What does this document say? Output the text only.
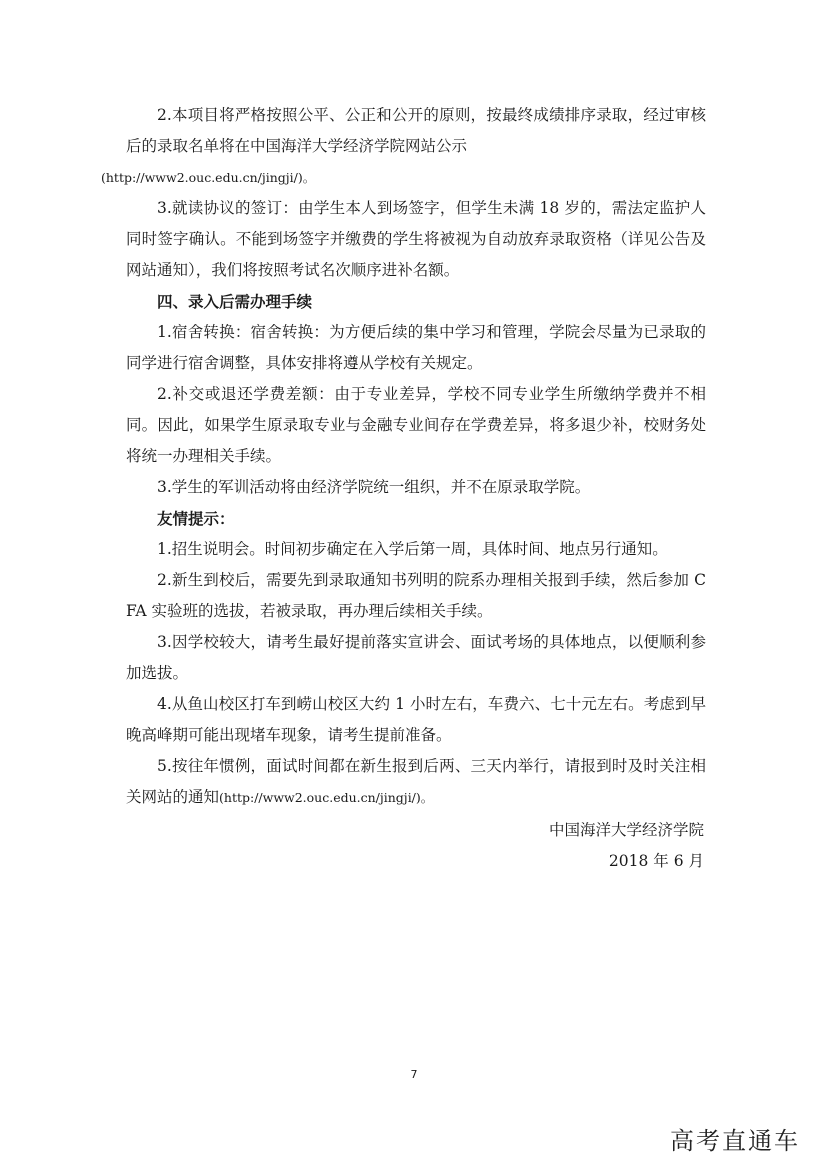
2.本项目将严格按照公平、公正和公开的原则，按最终成绩排序录取，经过审核后的录取名单将在中国海洋大学经济学院网站公示
(http://www2.ouc.edu.cn/jingji/)。

3.就读协议的签订：由学生本人到场签字，但学生未满 18 岁的，需法定监护人同时签字确认。不能到场签字并缴费的学生将被视为自动放弃录取资格（详见公告及网站通知），我们将按照考试名次顺序进补名额。

四、录入后需办理手续

1.宿舍转换：宿舍转换：为方便后续的集中学习和管理，学院会尽量为已录取的同学进行宿舍调整，具体安排将遵从学校有关规定。

2.补交或退还学费差额：由于专业差异，学校不同专业学生所缴纳学费并不相同。因此，如果学生原录取专业与金融专业间存在学费差异，将多退少补，校财务处将统一办理相关手续。

3.学生的军训活动将由经济学院统一组织，并不在原录取学院。

友情提示：

1.招生说明会。时间初步确定在入学后第一周，具体时间、地点另行通知。

2.新生到校后，需要先到录取通知书列明的院系办理相关报到手续，然后参加 CFA 实验班的选拔，若被录取，再办理后续相关手续。

3.因学校较大，请考生最好提前落实宣讲会、面试考场的具体地点，以便顺利参加选拔。

4.从鱼山校区打车到崂山校区大约 1 小时左右，车费六、七十元左右。考虑到早晚高峰期可能出现堵车现象，请考生提前准备。

5.按往年惯例，面试时间都在新生报到后两、三天内举行，请报到时及时关注相关网站的通知(http://www2.ouc.edu.cn/jingji/)。

中国海洋大学经济学院

2018 年 6 月

7
高考直通车
